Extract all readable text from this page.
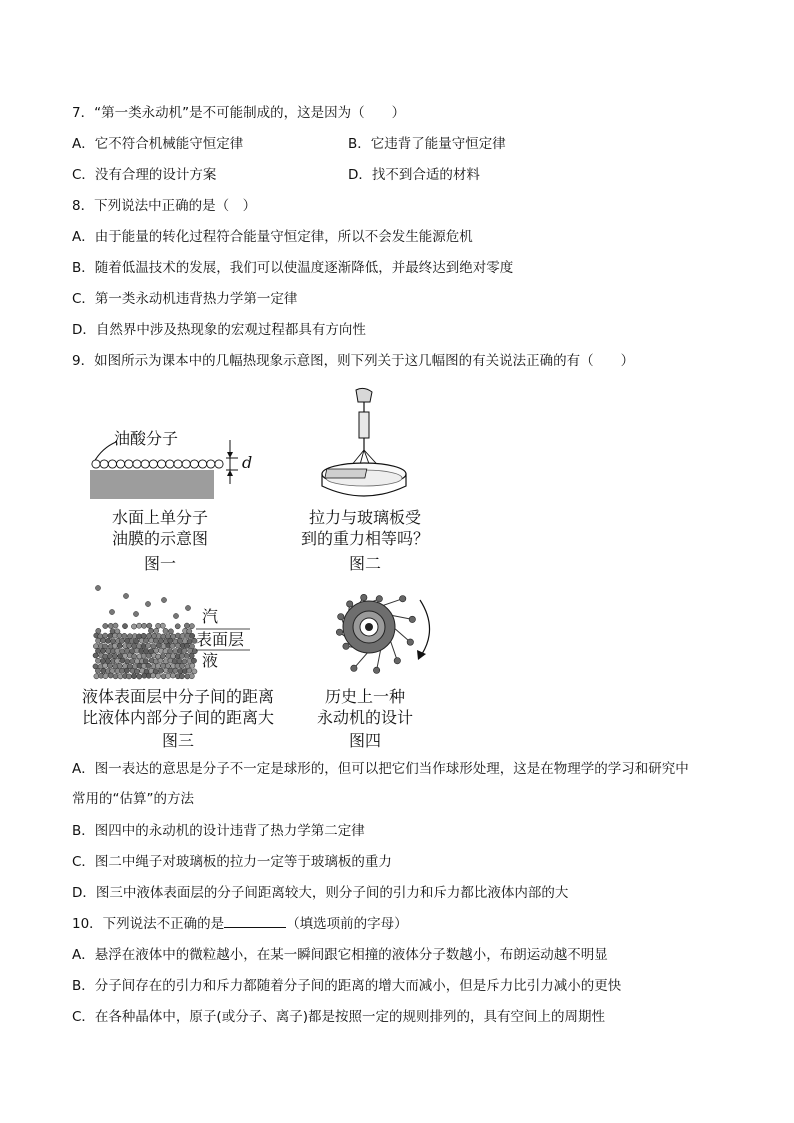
7．“第一类永动机”是不可能制成的，这是因为（　　）
A．它不符合机械能守恒定律	B．它违背了能量守恒定律
C．没有合理的设计方案	D．找不到合适的材料
8．下列说法中正确的是（　）
A．由于能量的转化过程符合能量守恒定律，所以不会发生能源危机
B．随着低温技术的发展，我们可以使温度逐渐降低，并最终达到绝对零度
C．第一类永动机违背热力学第一定律
D．自然界中涉及热现象的宏观过程都具有方向性
9．如图所示为课本中的几幅热现象示意图，则下列关于这几幅图的有关说法正确的有（　　）
油酸分子
d
水面上单分子
油膜的示意图
图一
拉力与玻璃板受
到的重力相等吗？
图二
汽
表面层
液
液体表面层中分子间的距离
比液体内部分子间的距离大
图三
历史上一种
永动机的设计
图四
A．图一表达的意思是分子不一定是球形的，但可以把它们当作球形处理，这是在物理学的学习和研究中
常用的“估算”的方法
B．图四中的永动机的设计违背了热力学第二定律
C．图二中绳子对玻璃板的拉力一定等于玻璃板的重力
D．图三中液体表面层的分子间距离较大，则分子间的引力和斥力都比液体内部的大
10．下列说法不正确的是	（填选项前的字母）
A．悬浮在液体中的微粒越小，在某一瞬间跟它相撞的液体分子数越小，布朗运动越不明显
B．分子间存在的引力和斥力都随着分子间的距离的增大而减小，但是斥力比引力减小的更快
C．在各种晶体中，原子(或分子、离子)都是按照一定的规则排列的，具有空间上的周期性
